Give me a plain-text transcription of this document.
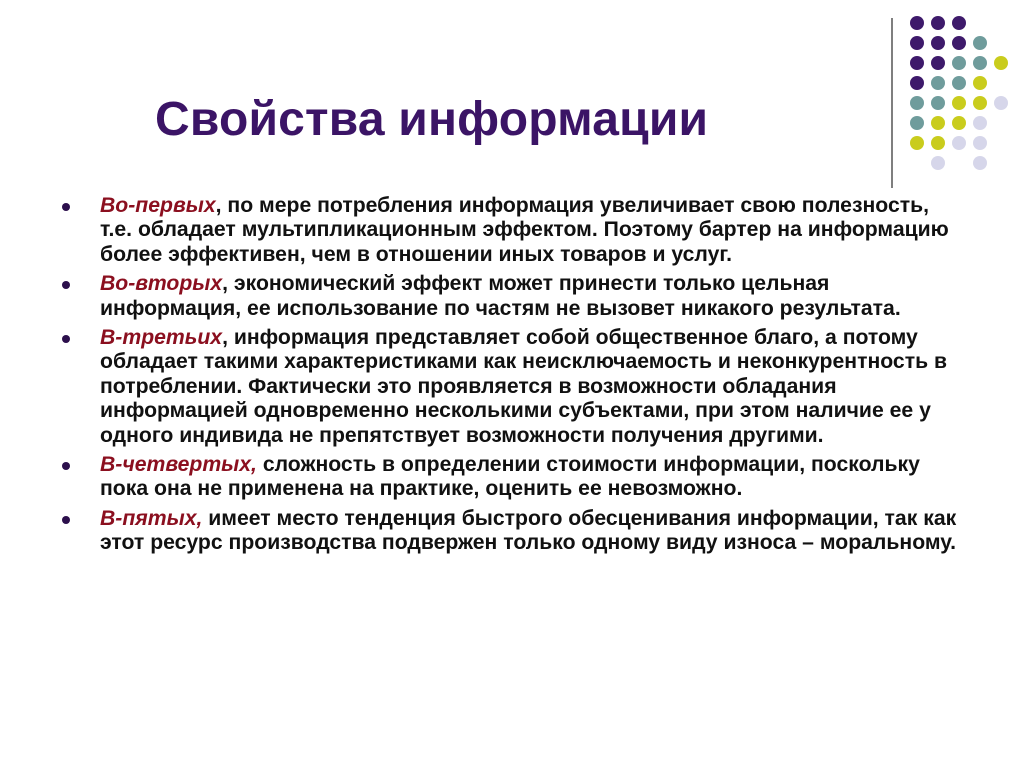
Свойства информации
Во-первых, по мере потребления информация увеличивает свою полезность, т.е. обладает мультипликационным эффектом. Поэтому бартер на информацию более эффективен, чем в отношении иных товаров и услуг.
Во-вторых, экономический эффект может принести только цельная информация, ее использование по частям не вызовет никакого результата.
В-третьих, информация представляет собой общественное благо, а потому обладает такими характеристиками как неисключаемость и неконкурентность в потреблении. Фактически это проявляется в возможности обладания информацией одновременно несколькими субъектами, при этом наличие ее у одного индивида не препятствует возможности получения другими.
В-четвертых, сложность в определении стоимости информации, поскольку пока она не применена на практике, оценить ее невозможно.
В-пятых, имеет место тенденция быстрого обесценивания информации, так как этот ресурс производства подвержен только одному виду износа – моральному.
